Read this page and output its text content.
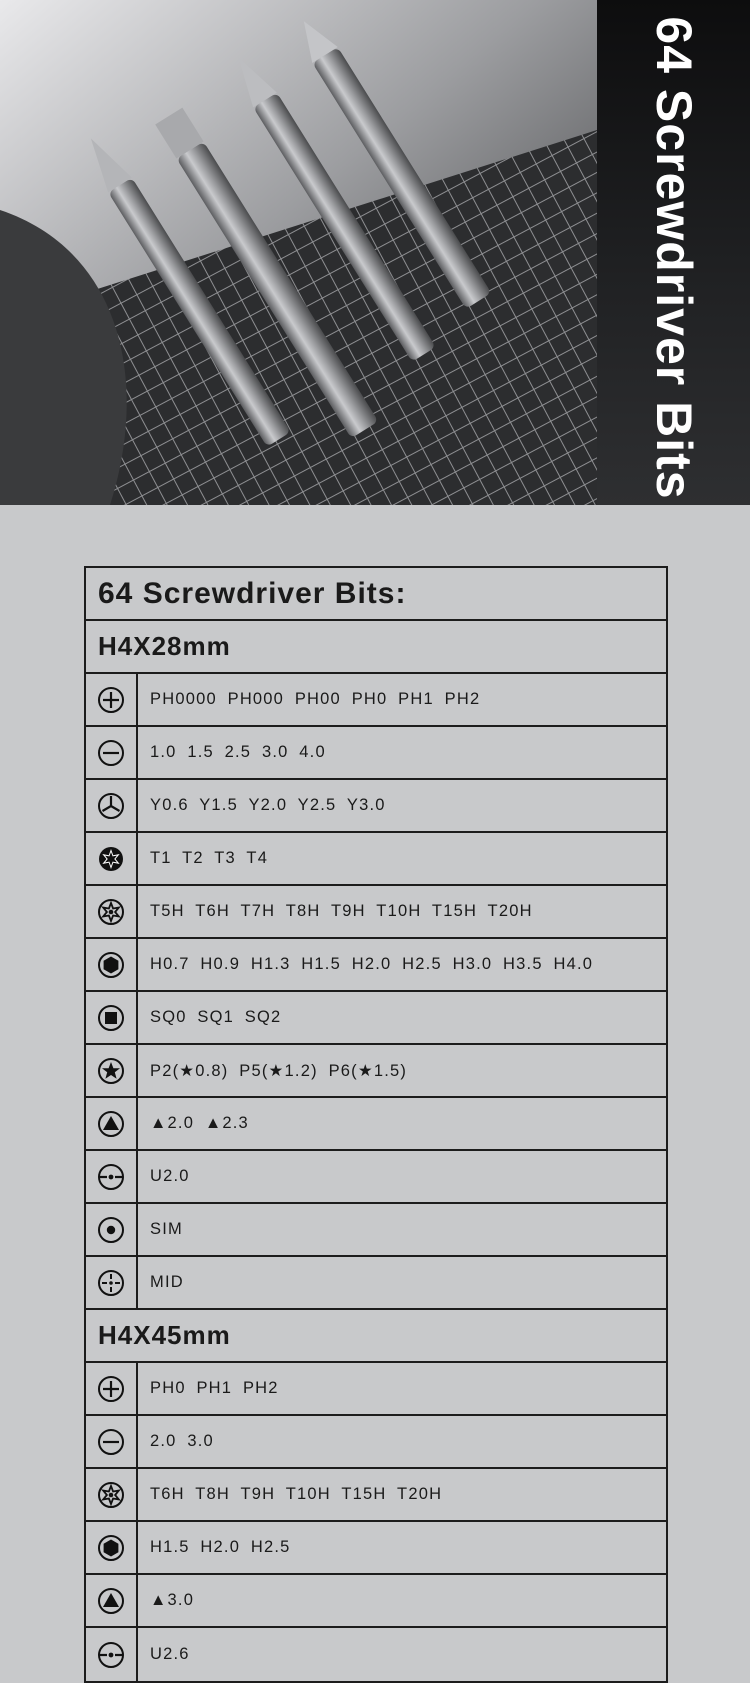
64 Screwdriver Bits
64 Screwdriver Bits:
H4X28mm
PH0000 PH000 PH00 PH0 PH1 PH2
1.0 1.5 2.5 3.0 4.0
Y0.6 Y1.5 Y2.0 Y2.5 Y3.0
T1 T2 T3 T4
T5H T6H T7H T8H T9H T10H T15H T20H
H0.7 H0.9 H1.3 H1.5 H2.0 H2.5 H3.0 H3.5 H4.0
SQ0 SQ1 SQ2
P2(★0.8) P5(★1.2) P6(★1.5)
▲2.0 ▲2.3
U2.0
SIM
MID
H4X45mm
PH0 PH1 PH2
2.0 3.0
T6H T8H T9H T10H T15H T20H
H1.5 H2.0 H2.5
▲3.0
U2.6
